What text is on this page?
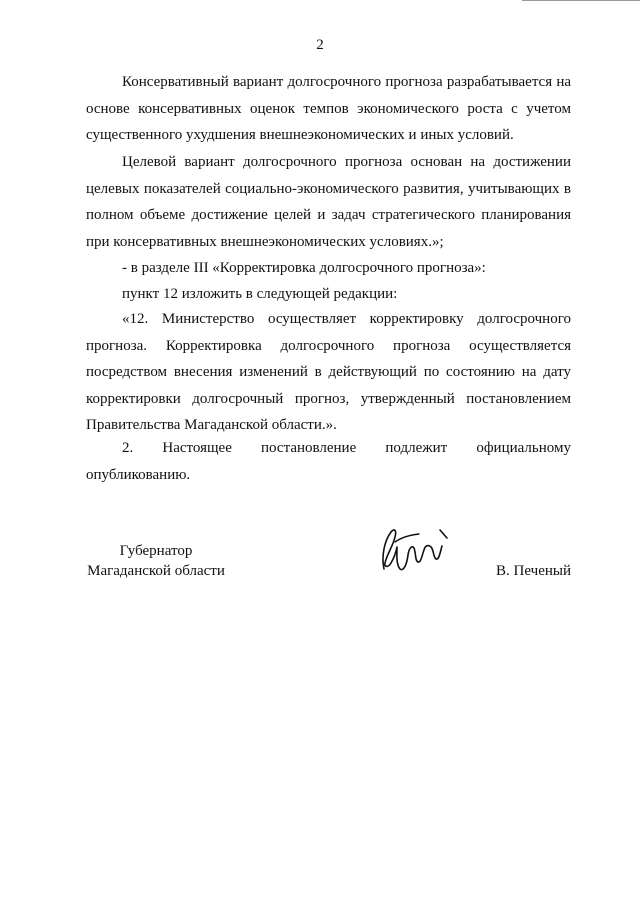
2

Консервативный вариант долгосрочного прогноза разрабатывается на основе консервативных оценок темпов экономического роста с учетом существенного ухудшения внешнеэкономических и иных условий.

Целевой вариант долгосрочного прогноза основан на достижении целевых показателей социально-экономического развития, учитывающих в полном объеме достижение целей и задач стратегического планирования при консервативных внешнеэкономических условиях.»;

- в разделе III «Корректировка долгосрочного прогноза»:

пункт 12 изложить в следующей редакции:

«12. Министерство осуществляет корректировку долгосрочного прогноза. Корректировка долгосрочного прогноза осуществляется посредством внесения изменений в действующий по состоянию на дату корректировки долгосрочный прогноз, утвержденный постановлением Правительства Магаданской области.».

2. Настоящее постановление подлежит официальному опубликованию.

Губернатор
Магаданской области	В. Печеный
